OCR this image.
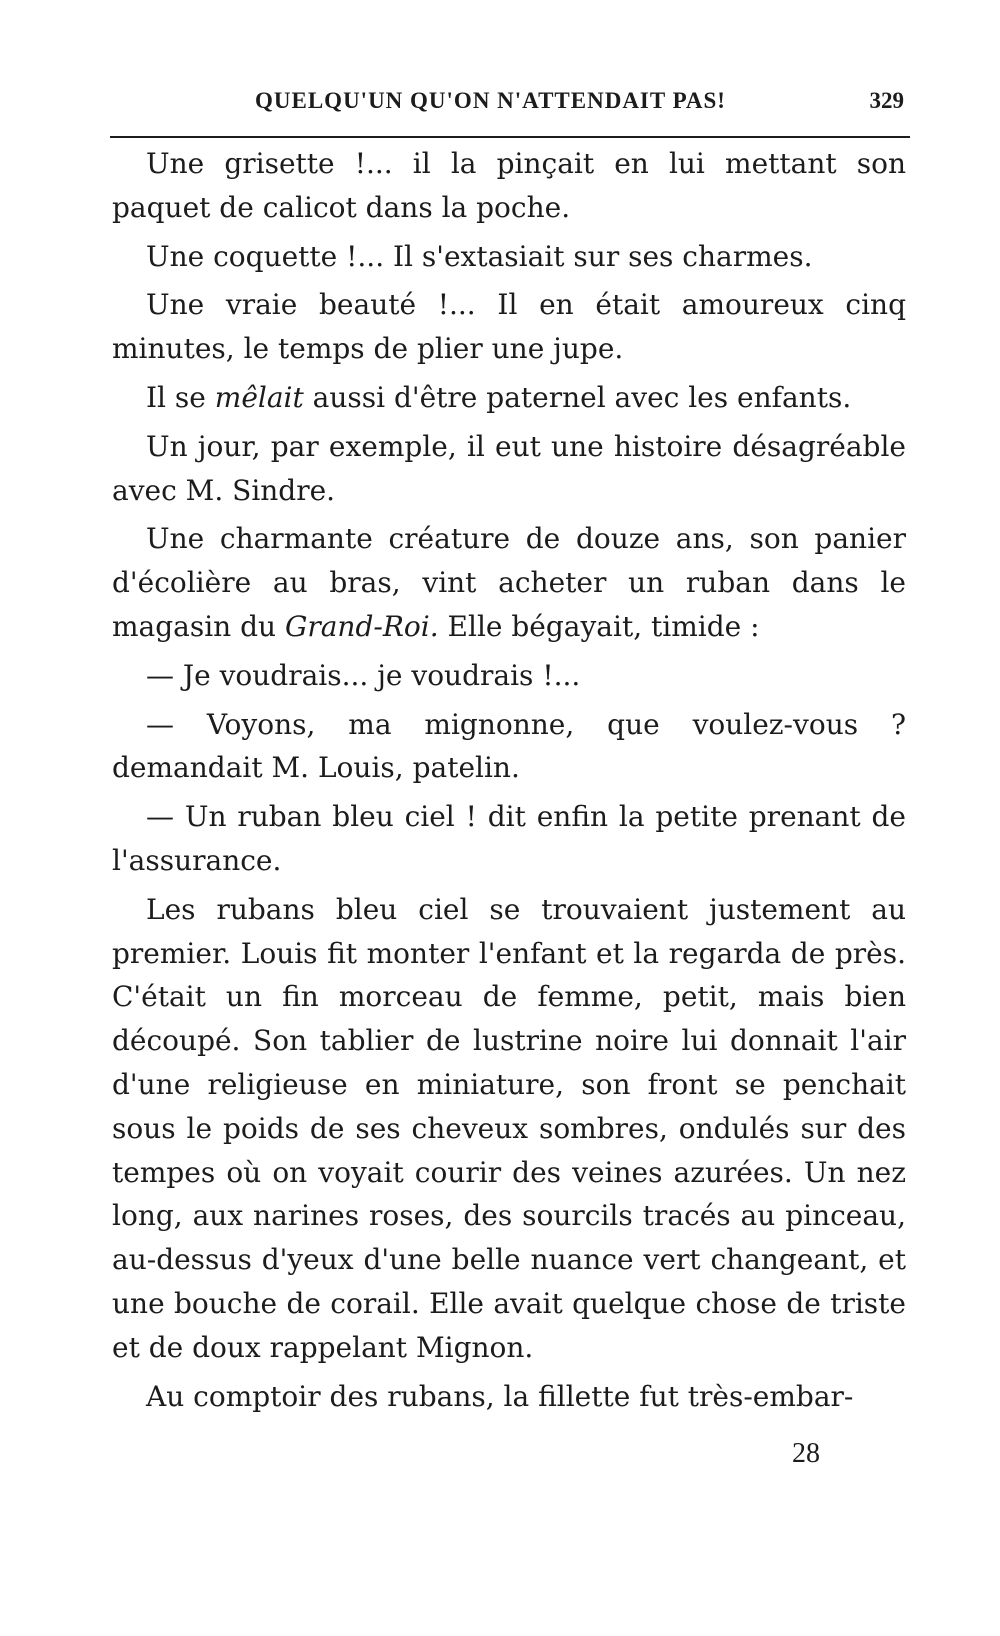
QUELQU'UN QU'ON N'ATTENDAIT PAS!	329

Une grisette !... il la pinçait en lui mettant son paquet de calicot dans la poche.

Une coquette !... Il s'extasiait sur ses charmes.

Une vraie beauté !... Il en était amoureux cinq minutes, le temps de plier une jupe.

Il se mêlait aussi d'être paternel avec les enfants.

Un jour, par exemple, il eut une histoire désagréable avec M. Sindre.

Une charmante créature de douze ans, son panier d'écolière au bras, vint acheter un ruban dans le magasin du Grand-Roi. Elle bégayait, timide :

— Je voudrais... je voudrais !...

— Voyons, ma mignonne, que voulez-vous ? demandait M. Louis, patelin.

— Un ruban bleu ciel ! dit enfin la petite prenant de l'assurance.

Les rubans bleu ciel se trouvaient justement au premier. Louis fit monter l'enfant et la regarda de près. C'était un fin morceau de femme, petit, mais bien découpé. Son tablier de lustrine noire lui donnait l'air d'une religieuse en miniature, son front se penchait sous le poids de ses cheveux sombres, ondulés sur des tempes où on voyait courir des veines azurées. Un nez long, aux narines roses, des sourcils tracés au pinceau, au-dessus d'yeux d'une belle nuance vert changeant, et une bouche de corail. Elle avait quelque chose de triste et de doux rappelant Mignon.

Au comptoir des rubans, la fillette fut très-embar-

28
